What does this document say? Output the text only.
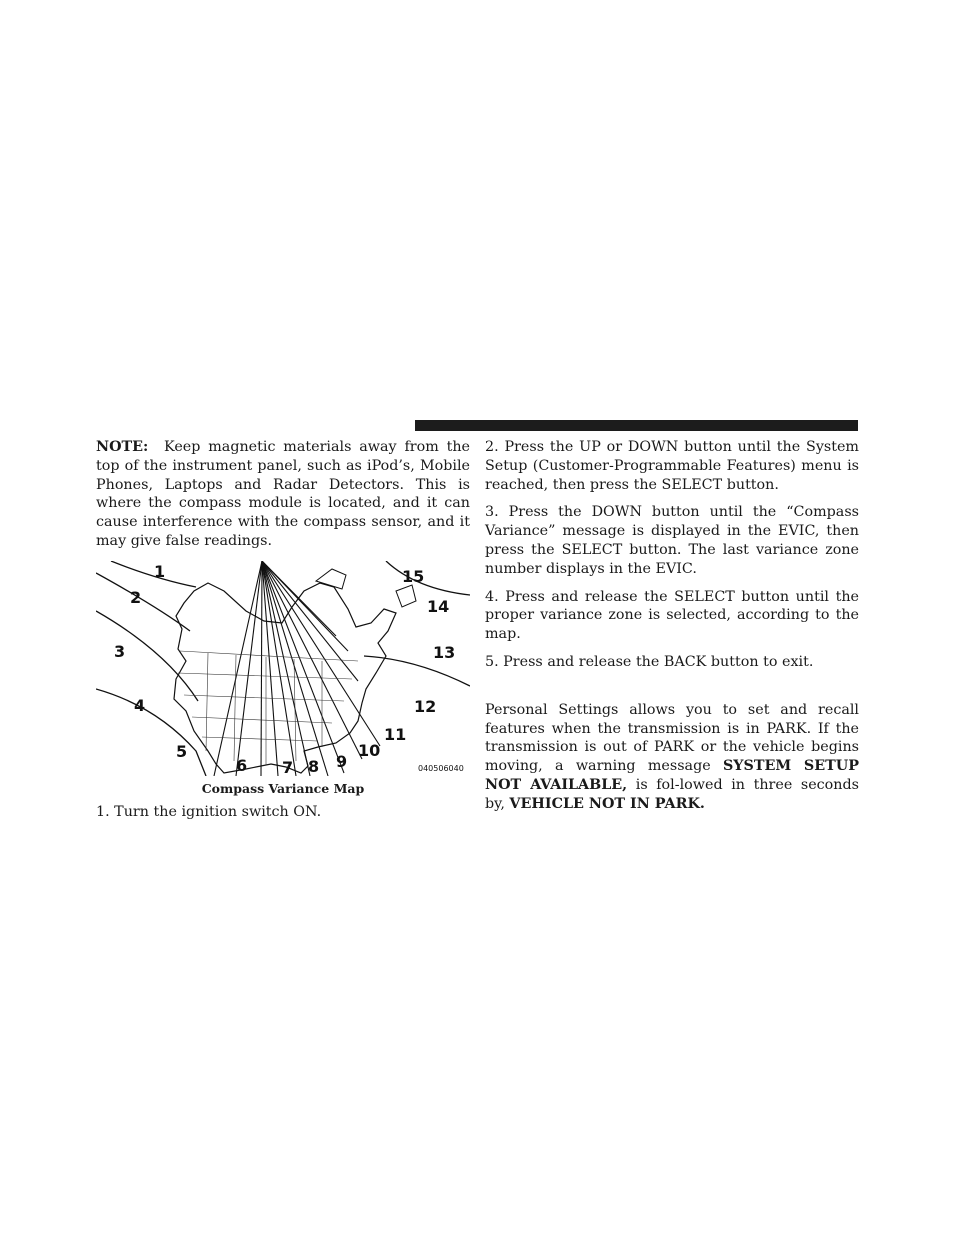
NOTE: Keep magnetic materials away from the top of the instrument panel, such as iPod’s, Mobile Phones, Laptops and Radar Detectors. This is where the compass module is located, and it can cause interference with the compass sensor, and it may give false readings.

1
2
3
4
5
6 7 8 9
10
11
12
13
14
15
040506040
Compass Variance Map

1. Turn the ignition switch ON.

2. Press the UP or DOWN button until the System Setup (Customer-Programmable Features) menu is reached, then press the SELECT button.

3. Press the DOWN button until the “Compass Variance” message is displayed in the EVIC, then press the SELECT button. The last variance zone number displays in the EVIC.

4. Press and release the SELECT button until the proper variance zone is selected, according to the map.

5. Press and release the BACK button to exit.

Personal Settings allows you to set and recall features when the transmission is in PARK. If the transmission is out of PARK or the vehicle begins moving, a warning message SYSTEM SETUP NOT AVAILABLE, is fol-lowed in three seconds by, VEHICLE NOT IN PARK.
